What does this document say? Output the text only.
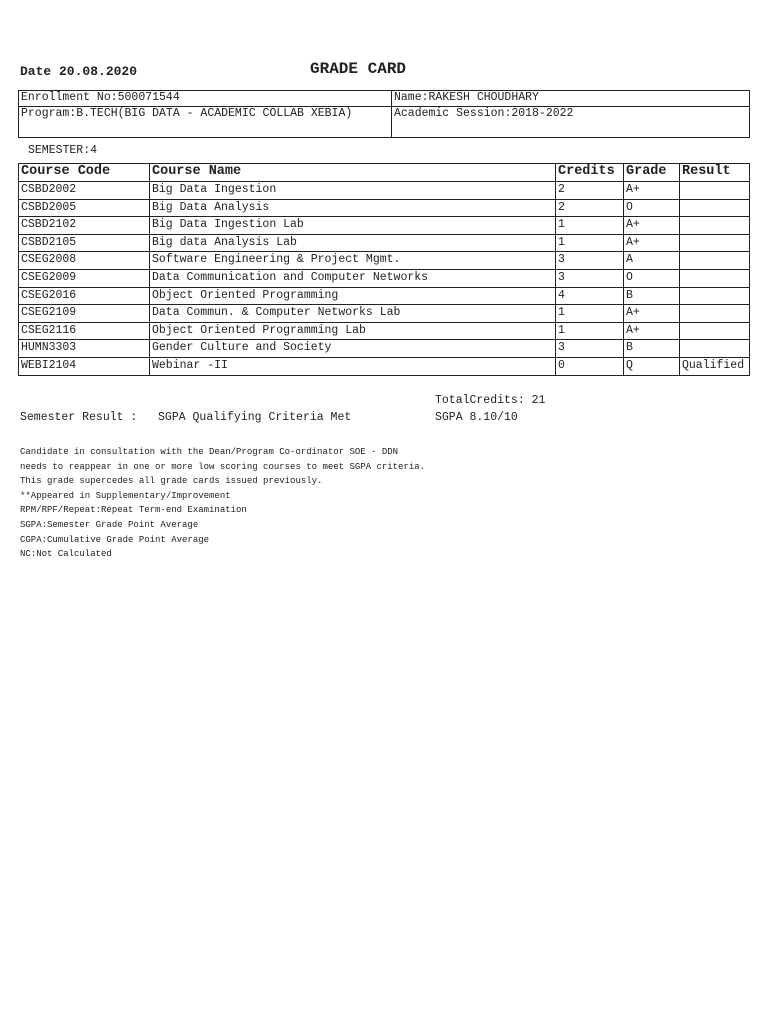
Date 20.08.2020	GRADE CARD
Enrollment No:500071544	Name:RAKESH CHOUDHARY
Program:B.TECH(BIG DATA - ACADEMIC COLLAB XEBIA)	Academic Session:2018-2022
SEMESTER:4
Course Code	Course Name	Credits	Grade	Result
CSBD2002	Big Data Ingestion	2	A+	
CSBD2005	Big Data Analysis	2	O	
CSBD2102	Big Data Ingestion Lab	1	A+	
CSBD2105	Big data Analysis Lab	1	A+	
CSEG2008	Software Engineering & Project Mgmt.	3	A	
CSEG2009	Data Communication and Computer Networks	3	O	
CSEG2016	Object Oriented Programming	4	B	
CSEG2109	Data Commun. & Computer Networks Lab	1	A+	
CSEG2116	Object Oriented Programming Lab	1	A+	
HUMN3303	Gender Culture and Society	3	B	
WEBI2104	Webinar -II	0	Q	Qualified
TotalCredits: 21
Semester Result :   SGPA Qualifying Criteria Met	SGPA 8.10/10
Candidate in consultation with the Dean/Program Co-ordinator SOE - DDN
needs to reappear in one or more low scoring courses to meet SGPA criteria.
This grade supercedes all grade cards issued previously.
**Appeared in Supplementary/Improvement
RPM/RPF/Repeat:Repeat Term-end Examination
SGPA:Semester Grade Point Average
CGPA:Cumulative Grade Point Average
NC:Not Calculated
